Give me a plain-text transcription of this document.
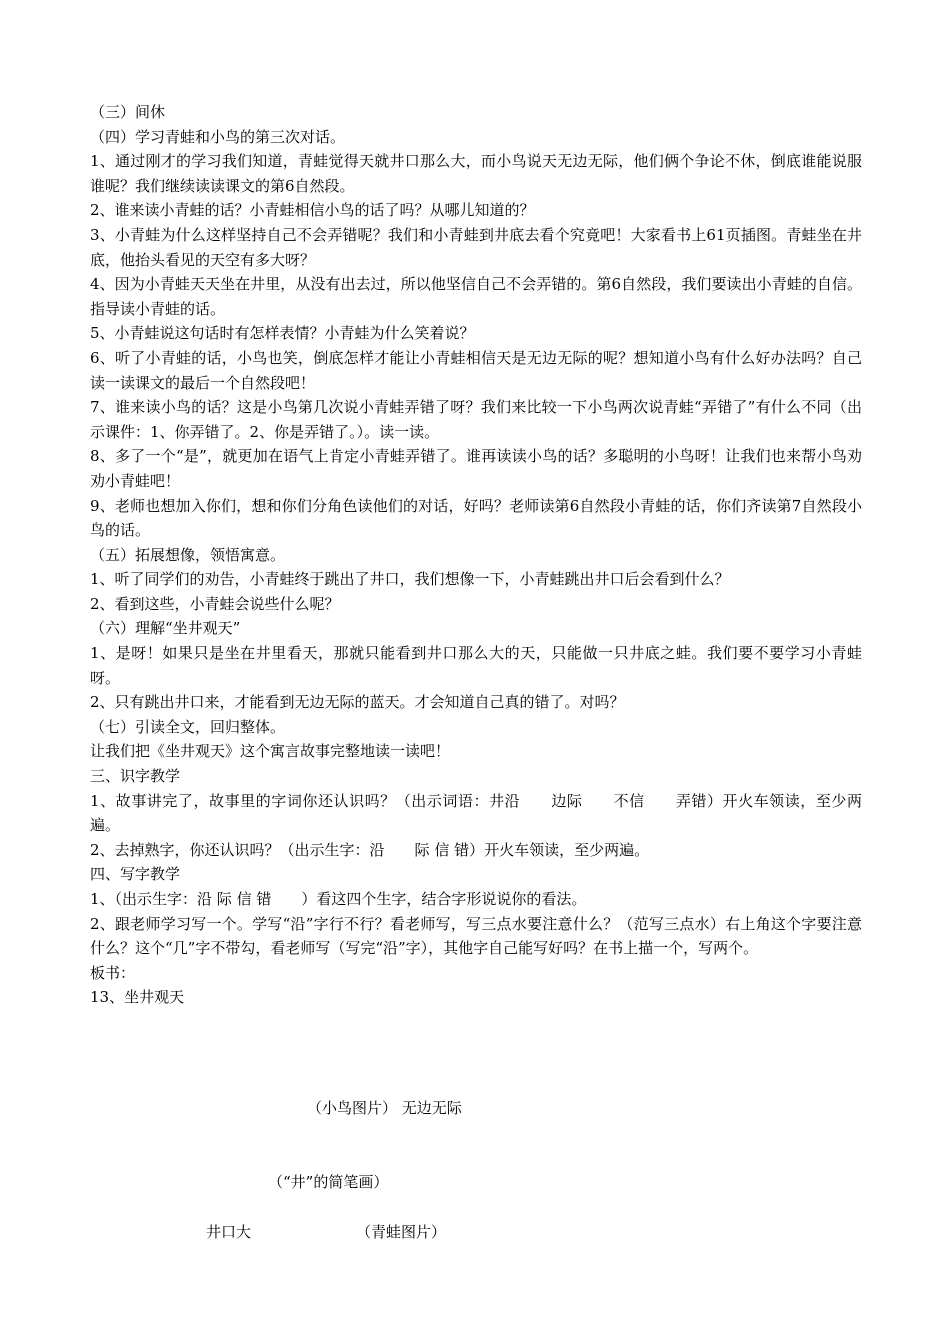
（三）间休

（四）学习青蛙和小鸟的第三次对话。

1、通过刚才的学习我们知道，青蛙觉得天就井口那么大，而小鸟说天无边无际，他们俩个争论不休，倒底谁能说服谁呢？我们继续读读课文的第6自然段。

2、谁来读小青蛙的话？小青蛙相信小鸟的话了吗？从哪儿知道的？

3、小青蛙为什么这样坚持自己不会弄错呢？我们和小青蛙到井底去看个究竟吧！大家看书上61页插图。青蛙坐在井底，他抬头看见的天空有多大呀？

4、因为小青蛙天天坐在井里，从没有出去过，所以他坚信自己不会弄错的。第6自然段，我们要读出小青蛙的自信。指导读小青蛙的话。

5、小青蛙说这句话时有怎样表情？小青蛙为什么笑着说？

6、听了小青蛙的话，小鸟也笑，倒底怎样才能让小青蛙相信天是无边无际的呢？想知道小鸟有什么好办法吗？自己读一读课文的最后一个自然段吧！

7、谁来读小鸟的话？这是小鸟第几次说小青蛙弄错了呀？我们来比较一下小鸟两次说青蛙“弄错了”有什么不同（出示课件：1、你弄错了。2、你是弄错了。）。读一读。

8、多了一个“是”，就更加在语气上肯定小青蛙弄错了。谁再读读小鸟的话？多聪明的小鸟呀！让我们也来帮小鸟劝劝小青蛙吧！

9、老师也想加入你们，想和你们分角色读他们的对话，好吗？老师读第6自然段小青蛙的话，你们齐读第7自然段小鸟的话。

（五）拓展想像，领悟寓意。

1、听了同学们的劝告，小青蛙终于跳出了井口，我们想像一下，小青蛙跳出井口后会看到什么？

2、看到这些，小青蛙会说些什么呢？

（六）理解“坐井观天”

1、是呀！如果只是坐在井里看天，那就只能看到井口那么大的天，只能做一只井底之蛙。我们要不要学习小青蛙呀。

2、只有跳出井口来，才能看到无边无际的蓝天。才会知道自己真的错了。对吗？

（七）引读全文，回归整体。

让我们把《坐井观天》这个寓言故事完整地读一读吧！

三、识字教学

1、故事讲完了，故事里的字词你还认识吗？（出示词语：井沿　　边际　　不信　　弄错）开火车领读，至少两遍。

2、去掉熟字，你还认识吗？（出示生字：沿　　际 信 错）开火车领读，至少两遍。

四、写字教学

1、（出示生字：沿 际 信 错　　）看这四个生字，结合字形说说你的看法。

2、跟老师学习写一个。学写“沿”字行不行？看老师写，写三点水要注意什么？（范写三点水）右上角这个字要注意什么？这个“几”字不带勾，看老师写（写完“沿”字），其他字自己能写好吗？在书上描一个，写两个。

板书：

13、坐井观天

（小鸟图片） 无边无际
（“井”的简笔画）
井口大	（青蛙图片）
